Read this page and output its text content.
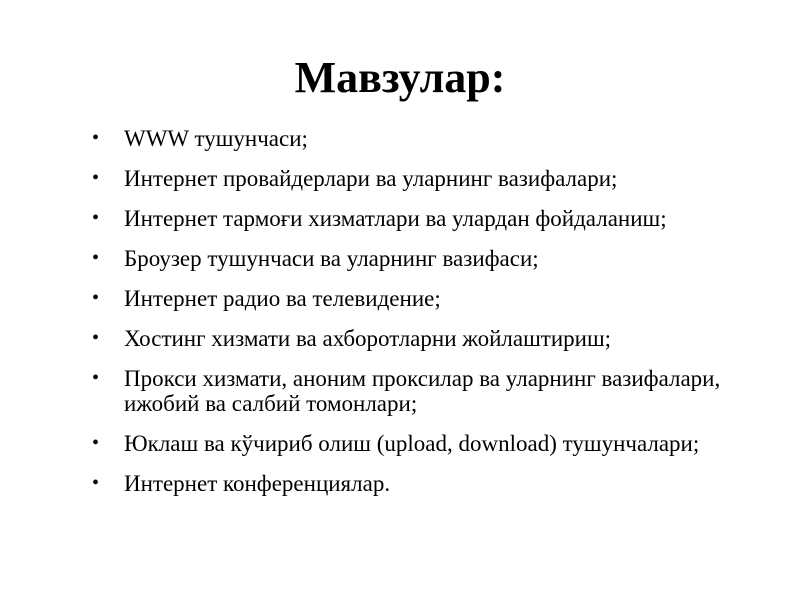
Мавзулар:
• WWW тушунчаси;
• Интернет провайдерлари ва уларнинг вазифалари;
• Интернет тармоғи хизматлари ва улардан фойдаланиш;
• Броузер тушунчаси ва уларнинг вазифаси;
• Интернет радио ва телевидение;
• Хостинг хизмати ва ахборотларни жойлаштириш;
• Прокси хизмати, аноним проксилар ва уларнинг вазифалари, ижобий ва салбий томонлари;
• Юклаш ва кўчириб олиш (upload, download) тушунчалари;
• Интернет конференциялар.
